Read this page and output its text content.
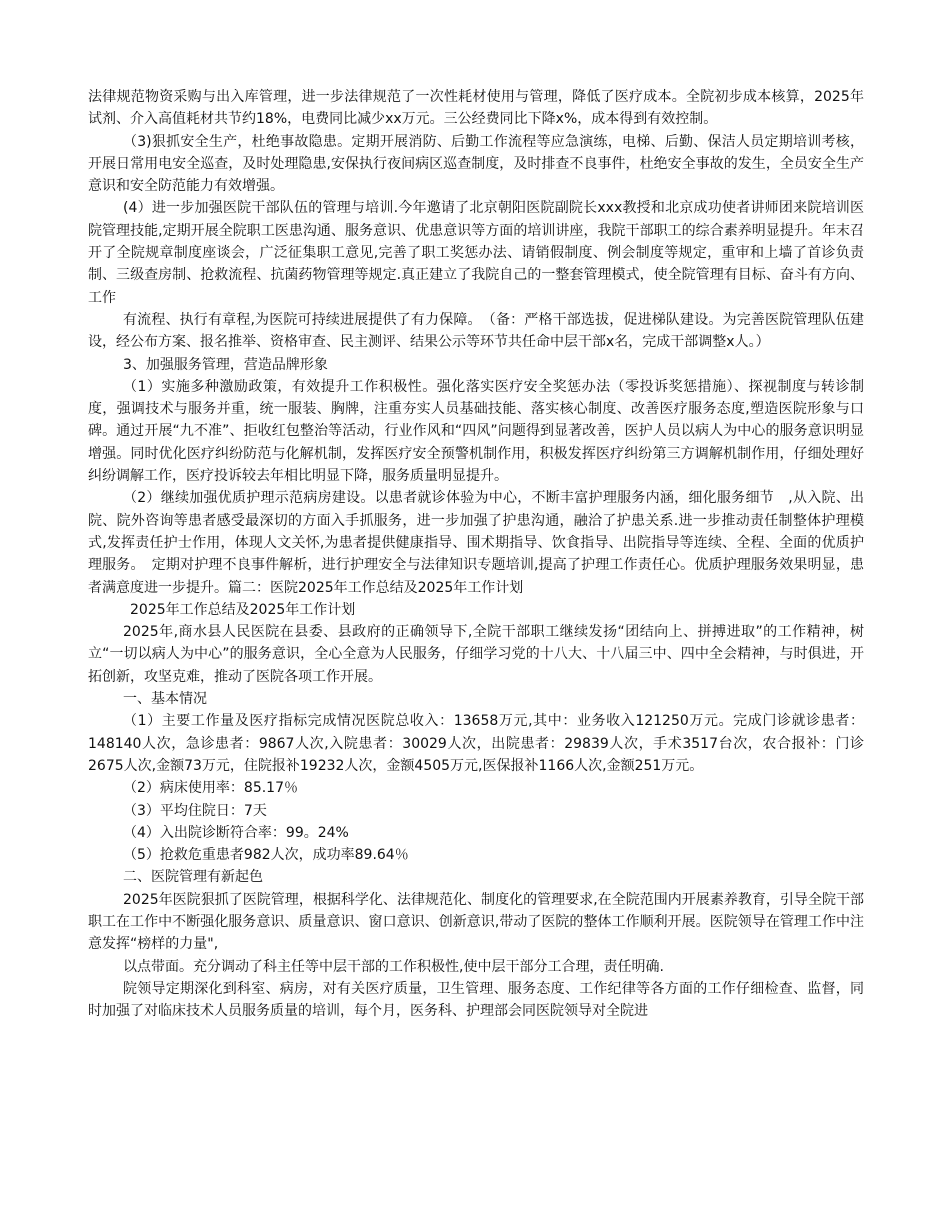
法律规范物资采购与出入库管理，进一步法律规范了一次性耗材使用与管理，降低了医疗成本。全院初步成本核算，2025年试剂、介入高值耗材共节约18%，电费同比减少xx万元。三公经费同比下降x%，成本得到有效控制。

（3)狠抓安全生产，杜绝事故隐患。定期开展消防、后勤工作流程等应急演练，电梯、后勤、保洁人员定期培训考核，开展日常用电安全巡查，及时处理隐患,安保执行夜间病区巡查制度，及时排查不良事件，杜绝安全事故的发生，全员安全生产意识和安全防范能力有效增强。

(4）进一步加强医院干部队伍的管理与培训.今年邀请了北京朝阳医院副院长xxx教授和北京成功使者讲师团来院培训医院管理技能,定期开展全院职工医患沟通、服务意识、优患意识等方面的培训讲座，我院干部职工的综合素养明显提升。年末召开了全院规章制度座谈会，广泛征集职工意见,完善了职工奖惩办法、请销假制度、例会制度等规定，重审和上墙了首诊负责制、三级查房制、抢救流程、抗菌药物管理等规定.真正建立了我院自己的一整套管理模式，使全院管理有目标、奋斗有方向、工作

有流程、执行有章程,为医院可持续进展提供了有力保障。　（备：严格干部选拔，促进梯队建设。为完善医院管理队伍建设，经公布方案、报名推举、资格审查、民主测评、结果公示等环节共任命中层干部x名，完成干部调整x人。）

3、加强服务管理，营造品牌形象

（1）实施多种激励政策，有效提升工作积极性。强化落实医疗安全奖惩办法（零投诉奖惩措施）、探视制度与转诊制度，强调技术与服务并重，统一服装、胸牌，注重夯实人员基础技能、落实核心制度、改善医疗服务态度,塑造医院形象与口碑。通过开展“九不准”、拒收红包整治等活动，行业作风和“四风”问题得到显著改善，医护人员以病人为中心的服务意识明显增强。同时优化医疗纠纷防范与化解机制，发挥医疗安全预警机制作用，积极发挥医疗纠纷第三方调解机制作用，仔细处理好纠纷调解工作，医疗投诉较去年相比明显下降，服务质量明显提升。

（2）继续加强优质护理示范病房建设。以患者就诊体验为中心，不断丰富护理服务内涵，细化服务细节　,从入院、出院、院外咨询等患者感受最深切的方面入手抓服务，进一步加强了护患沟通，融洽了护患关系.进一步推动责任制整体护理模式,发挥责任护士作用，体现人文关怀,为患者提供健康指导、围术期指导、饮食指导、出院指导等连续、全程、全面的优质护理服务。　定期对护理不良事件解析，进行护理安全与法律知识专题培训,提高了护理工作责任心。优质护理服务效果明显，患者满意度进一步提升。篇二：医院2025年工作总结及2025年工作计划

2025年工作总结及2025年工作计划

2025年,商水县人民医院在县委、县政府的正确领导下,全院干部职工继续发扬“团结向上、拼搏进取”的工作精神，树立“一切以病人为中心”的服务意识，全心全意为人民服务，仔细学习党的十八大、十八届三中、四中全会精神，与时俱进，开拓创新，攻坚克难，推动了医院各项工作开展。

一、基本情况

（1）主要工作量及医疗指标完成情况医院总收入：13658万元,其中：业务收入121250万元。完成门诊就诊患者：148140人次，急诊患者：9867人次,入院患者：30029人次，出院患者：29839人次，手术3517台次，农合报补：门诊2675人次,金额73万元，住院报补19232人次，金额4505万元,医保报补1166人次,金额251万元。

（2）病床使用率：85.17％

（3）平均住院日：7天

（4）入出院诊断符合率：99。24%

（5）抢救危重患者982人次，成功率89.64％

二、医院管理有新起色

2025年医院狠抓了医院管理，根据科学化、法律规范化、制度化的管理要求,在全院范围内开展素养教育，引导全院干部职工在工作中不断强化服务意识、质量意识、窗口意识、创新意识,带动了医院的整体工作顺利开展。医院领导在管理工作中注意发挥“榜样的力量",

以点带面。充分调动了科主任等中层干部的工作积极性,使中层干部分工合理，责任明确.

院领导定期深化到科室、病房，对有关医疗质量，卫生管理、服务态度、工作纪律等各方面的工作仔细检查、监督，同时加强了对临床技术人员服务质量的培训，每个月，医务科、护理部会同医院领导对全院进
